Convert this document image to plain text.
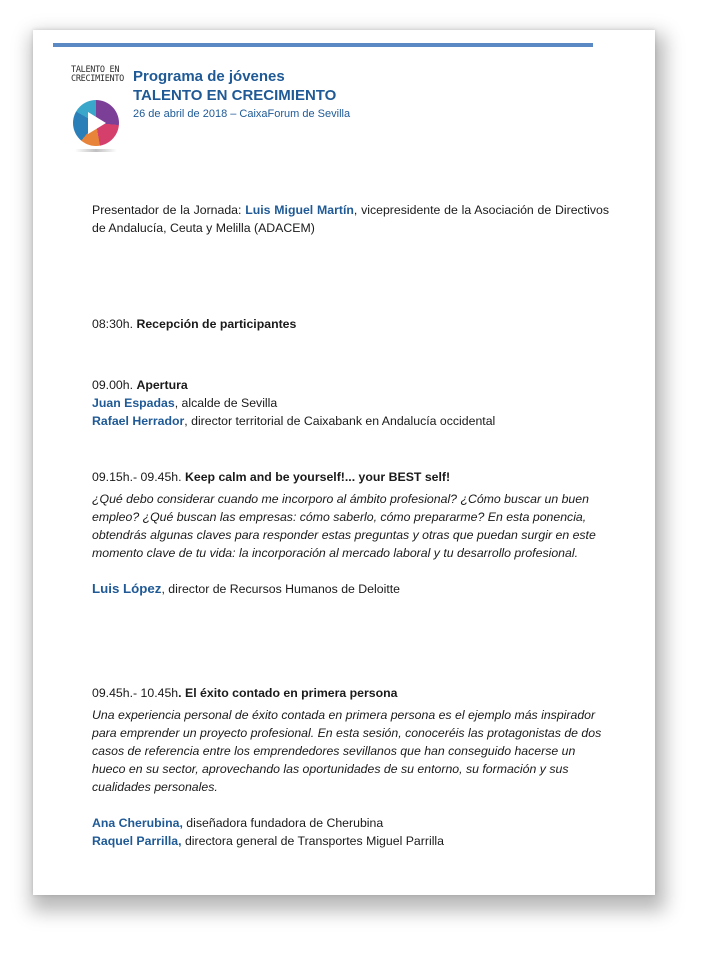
TALENTO EN
CRECIMIENTO Programa de jóvenes
TALENTO EN CRECIMIENTO
26 de abril de 2018 – CaixaForum de Sevilla
Presentador de la Jornada: Luis Miguel Martín, vicepresidente de la Asociación de Directivos de Andalucía, Ceuta y Melilla (ADACEM)
08:30h. Recepción de participantes
09.00h. Apertura
Juan Espadas, alcalde de Sevilla
Rafael Herrador, director territorial de Caixabank en Andalucía occidental
09.15h.- 09.45h. Keep calm and be yourself!... your BEST self!
¿Qué debo considerar cuando me incorporo al ámbito profesional? ¿Cómo buscar un buen empleo? ¿Qué buscan las empresas: cómo saberlo, cómo prepararme? En esta ponencia, obtendrás algunas claves para responder estas preguntas y otras que puedan surgir en este momento clave de tu vida: la incorporación al mercado laboral y tu desarrollo profesional.
Luis López, director de Recursos Humanos de Deloitte
09.45h.- 10.45h. El éxito contado en primera persona
Una experiencia personal de éxito contada en primera persona es el ejemplo más inspirador para emprender un proyecto profesional. En esta sesión, conoceréis las protagonistas de dos casos de referencia entre los emprendedores sevillanos que han conseguido hacerse un hueco en su sector, aprovechando las oportunidades de su entorno, su formación y sus cualidades personales.
Ana Cherubina, diseñadora fundadora de Cherubina
Raquel Parrilla, directora general de Transportes Miguel Parrilla
